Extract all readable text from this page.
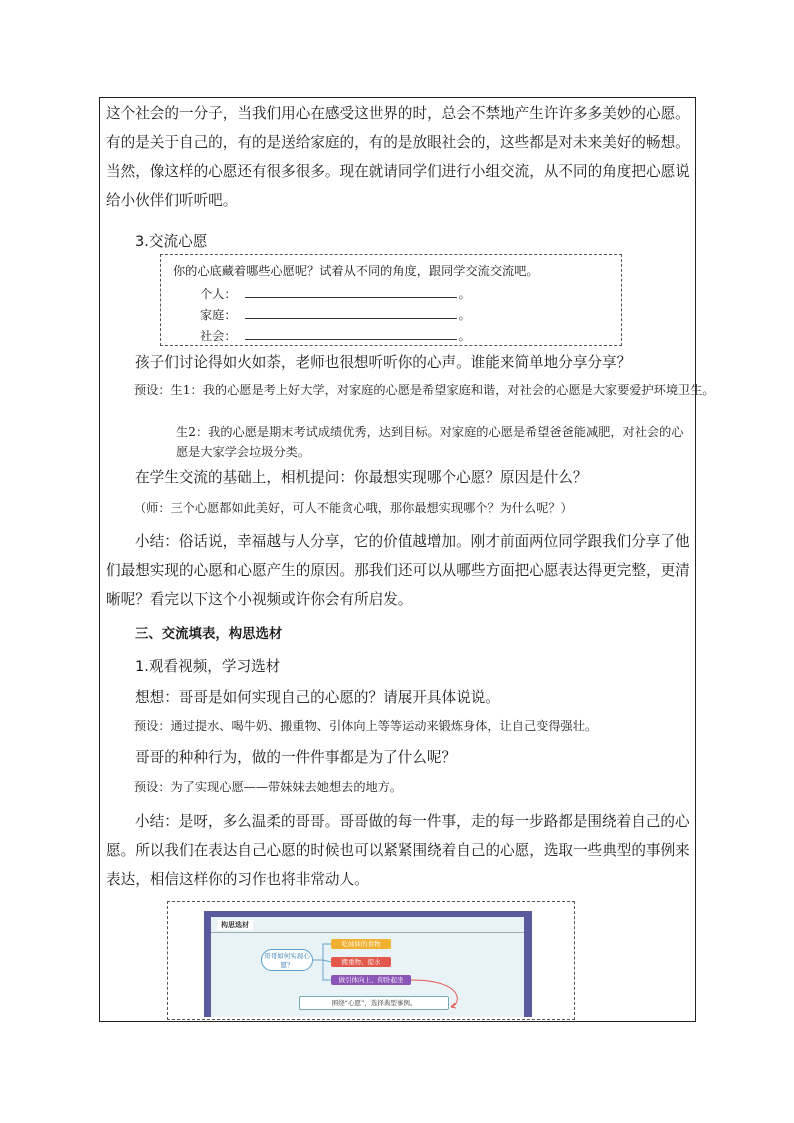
这个社会的一分子，当我们用心在感受这世界的时，总会不禁地产生许许多多美妙的心愿。有的是关于自己的，有的是送给家庭的，有的是放眼社会的，这些都是对未来美好的畅想。当然，像这样的心愿还有很多很多。现在就请同学们进行小组交流，从不同的角度把心愿说给小伙伴们听听吧。

3.交流心愿

你的心底藏着哪些心愿呢？试着从不同的角度，跟同学交流交流吧。
个人：	。
家庭：	。
社会：	。

孩子们讨论得如火如荼，老师也很想听听你的心声。谁能来简单地分享分享？

预设：生1：我的心愿是考上好大学，对家庭的心愿是希望家庭和谐，对社会的心愿是大家要爱护环境卫生。

生2：我的心愿是期末考试成绩优秀，达到目标。对家庭的心愿是希望爸爸能减肥，对社会的心愿是大家学会垃圾分类。

在学生交流的基础上，相机提问：你最想实现哪个心愿？原因是什么？

（师：三个心愿都如此美好，可人不能贪心哦，那你最想实现哪个？为什么呢？）

小结：俗话说，幸福越与人分享，它的价值越增加。刚才前面两位同学跟我们分享了他们最想实现的心愿和心愿产生的原因。那我们还可以从哪些方面把心愿表达得更完整，更清晰呢？看完以下这个小视频或许你会有所启发。

三、交流填表，构思选材

1.观看视频，学习选材

想想：哥哥是如何实现自己的心愿的？请展开具体说说。

预设：通过提水、喝牛奶、搬重物、引体向上等等运动来锻炼身体，让自己变得强壮。

哥哥的种种行为，做的一件件事都是为了什么呢？

预设：为了实现心愿——带妹妹去她想去的地方。

小结：是呀，多么温柔的哥哥。哥哥做的每一件事，走的每一步路都是围绕着自己的心愿。所以我们在表达自己心愿的时候也可以紧紧围绕着自己的心愿，选取一些典型的事例来表达，相信这样你的习作也将非常动人。

构思选材
哥哥如何实现心愿？
吃妹妹的食物
搬重物、提水
做引体向上、仰卧起坐
围绕“心愿”，选择典型事例。
